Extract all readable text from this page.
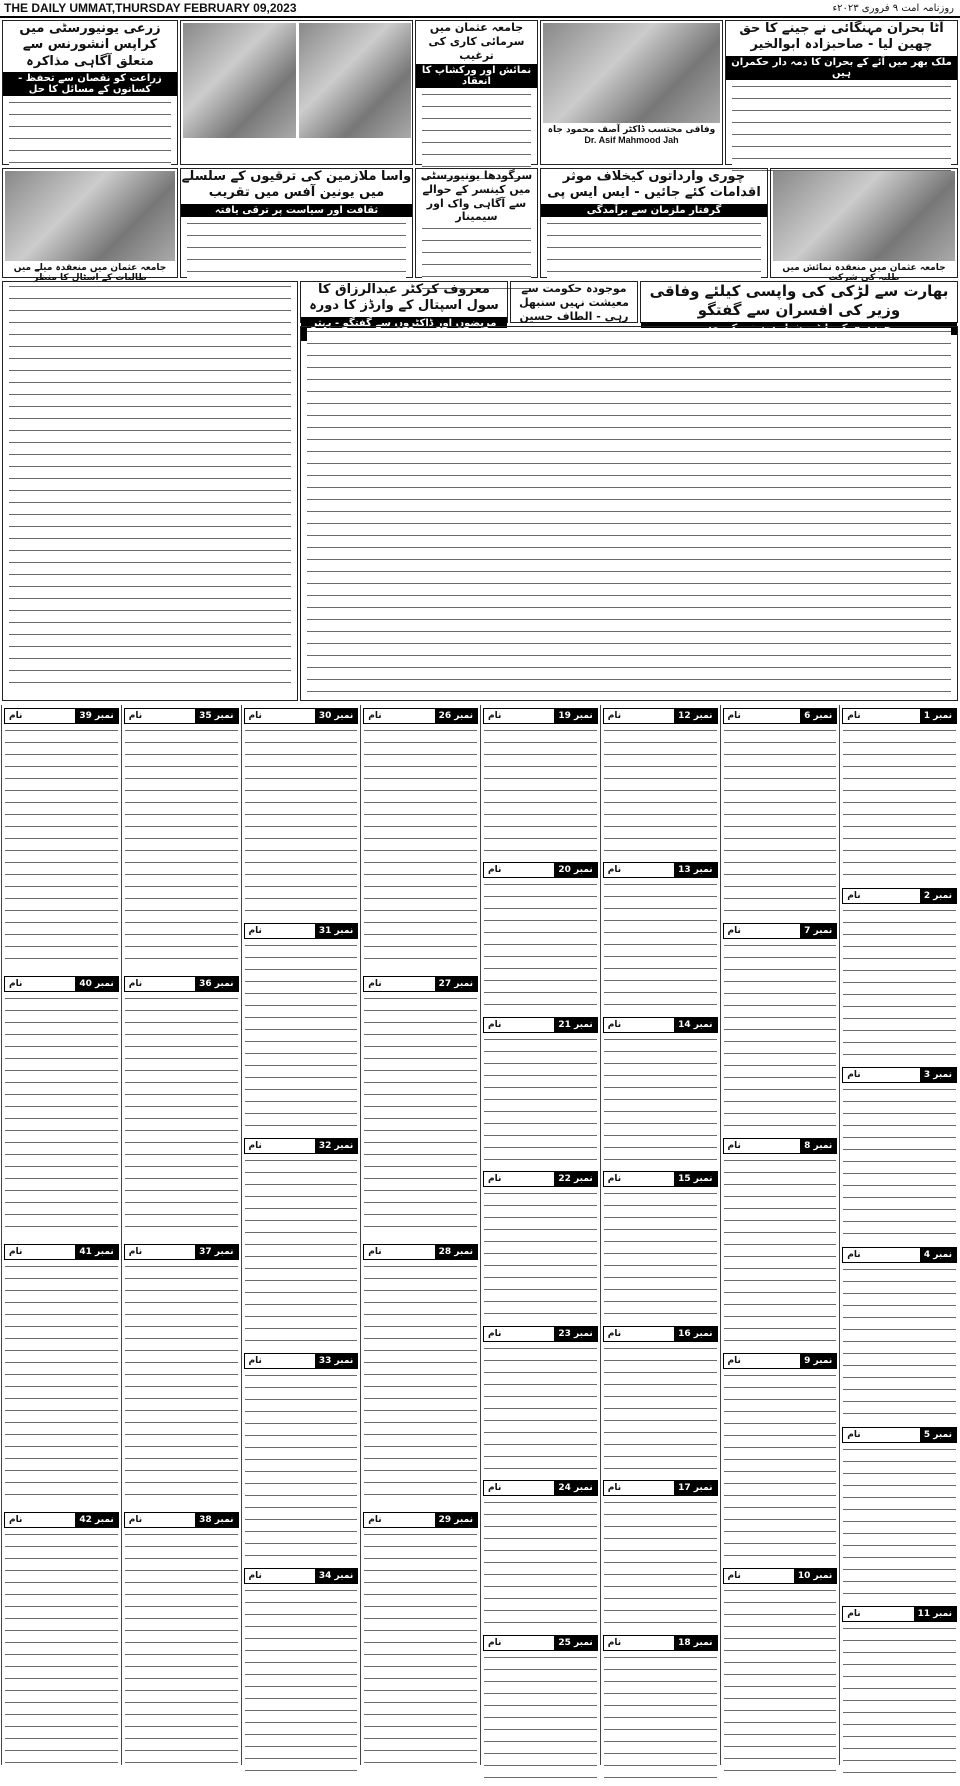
THE DAILY UMMAT,THURSDAY FEBRUARY 09,2023	روزنامہ امت ۹ فروری ۲۰۲۳ء
آٹا بحران مہنگائی نے جینے کا حق چھین لیا - صاحبزادہ ابوالخیر
ملک بھر میں آئے کے بحران کا ذمہ دار حکمران ہیں
وفاقی محتسب ڈاکٹر آصف محمود جاہ
Dr. Asif Mahmood Jah
جامعہ عثمان میں سرمائی کاری کی ترغیب
نمائش اور ورکشاپ کا انعقاد
زرعی یونیورسٹی میں کراپس انشورنس سے متعلق آگاہی مذاکرہ
زراعت کو نقصان سے تحفظ - کسانوں کے مسائل کا حل
جامعہ عثمان میں منعقدہ نمائش میں طلبہ کی شرکت
چوری وارداتوں کیخلاف موثر اقدامات کئے جائیں - ایس ایس پی
گرفتار ملزمان سے برآمدگی
سرگودھا یونیورسٹی میں کینسر کے حوالے سے آگاہی واک اور سیمینار
واسا ملازمین کی ترقیوں کے سلسلے میں یونین آفس میں تقریب
ثقافت اور سیاست پر ترقی یافتہ
جامعہ عثمان میں منعقدہ میلے میں طالبات کے اسٹال کا منظر
بھارت سے لڑکی کی واپسی کیلئے وفاقی وزیر کی افسران سے گفتگو
موجودہ حکومت سے معیشت نہیں سنبھل رہی - الطاف حسین
معروف کرکٹر عبدالرزاق کا سول اسپتال کے وارڈز کا دورہ
مریضوں اور ڈاکٹروں سے گفتگو - بہتر
نمبر 1
نام
نمبر 2
نام
نمبر 3
نام
نمبر 4
نام
نمبر 5
نام
نمبر 11
نام
نمبر 6
نام
نمبر 7
نام
نمبر 8
نام
نمبر 9
نام
نمبر 10
نام
نمبر 12
نام
نمبر 13
نام
نمبر 14
نام
نمبر 15
نام
نمبر 16
نام
نمبر 17
نام
نمبر 18
نام
نمبر 19
نام
نمبر 20
نام
نمبر 21
نام
نمبر 22
نام
نمبر 23
نام
نمبر 24
نام
نمبر 25
نام
نمبر 26
نام
نمبر 27
نام
نمبر 28
نام
نمبر 29
نام
نمبر 30
نام
نمبر 31
نام
نمبر 32
نام
نمبر 33
نام
نمبر 34
نام
نمبر 35
نام
نمبر 36
نام
نمبر 37
نام
نمبر 38
نام
نمبر 39
نام
نمبر 40
نام
نمبر 41
نام
نمبر 42
نام
